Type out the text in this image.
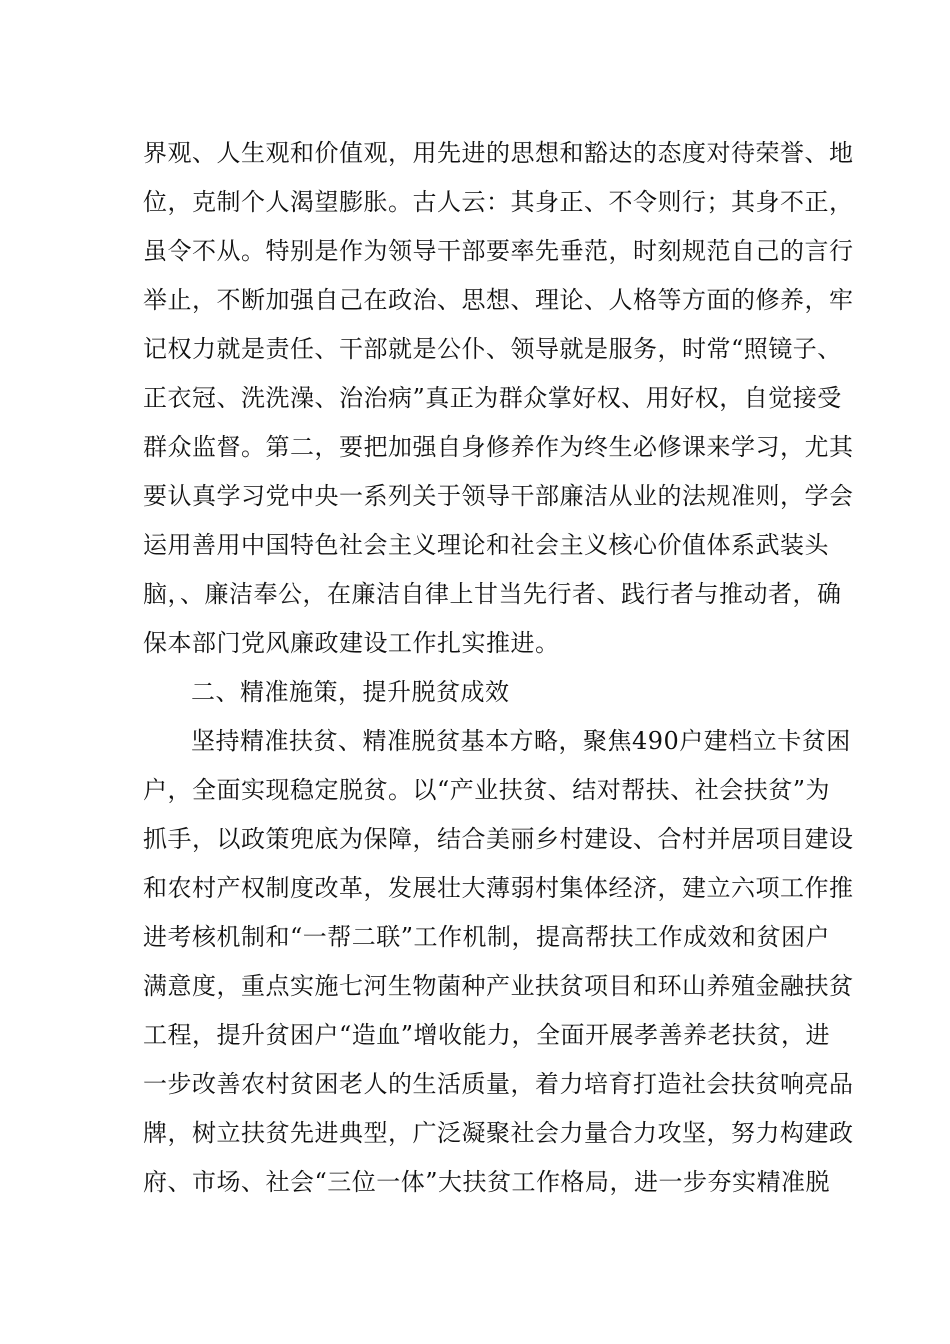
界观、人生观和价值观，用先进的思想和豁达的态度对待荣誉、地
位，克制个人渴望膨胀。古人云：其身正、不令则行；其身不正，
虽令不从。特别是作为领导干部要率先垂范，时刻规范自己的言行
举止，不断加强自己在政治、思想、理论、人格等方面的修养，牢
记权力就是责任、干部就是公仆、领导就是服务，时常“照镜子、
正衣冠、洗洗澡、治治病”真正为群众掌好权、用好权，自觉接受
群众监督。第二，要把加强自身修养作为终生必修课来学习，尤其
要认真学习党中央一系列关于领导干部廉洁从业的法规准则，学会
运用善用中国特色社会主义理论和社会主义核心价值体系武装头
脑，、廉洁奉公，在廉洁自律上甘当先行者、践行者与推动者，确
保本部门党风廉政建设工作扎实推进。
二、精准施策，提升脱贫成效
坚持精准扶贫、精准脱贫基本方略，聚焦490户建档立卡贫困
户，全面实现稳定脱贫。以“产业扶贫、结对帮扶、社会扶贫”为
抓手，以政策兜底为保障，结合美丽乡村建设、合村并居项目建设
和农村产权制度改革，发展壮大薄弱村集体经济，建立六项工作推
进考核机制和“一帮二联”工作机制，提高帮扶工作成效和贫困户
满意度，重点实施七河生物菌种产业扶贫项目和环山养殖金融扶贫
工程，提升贫困户“造血”增收能力，全面开展孝善养老扶贫，进
一步改善农村贫困老人的生活质量，着力培育打造社会扶贫响亮品
牌，树立扶贫先进典型，广泛凝聚社会力量合力攻坚，努力构建政
府、市场、社会“三位一体”大扶贫工作格局，进一步夯实精准脱
